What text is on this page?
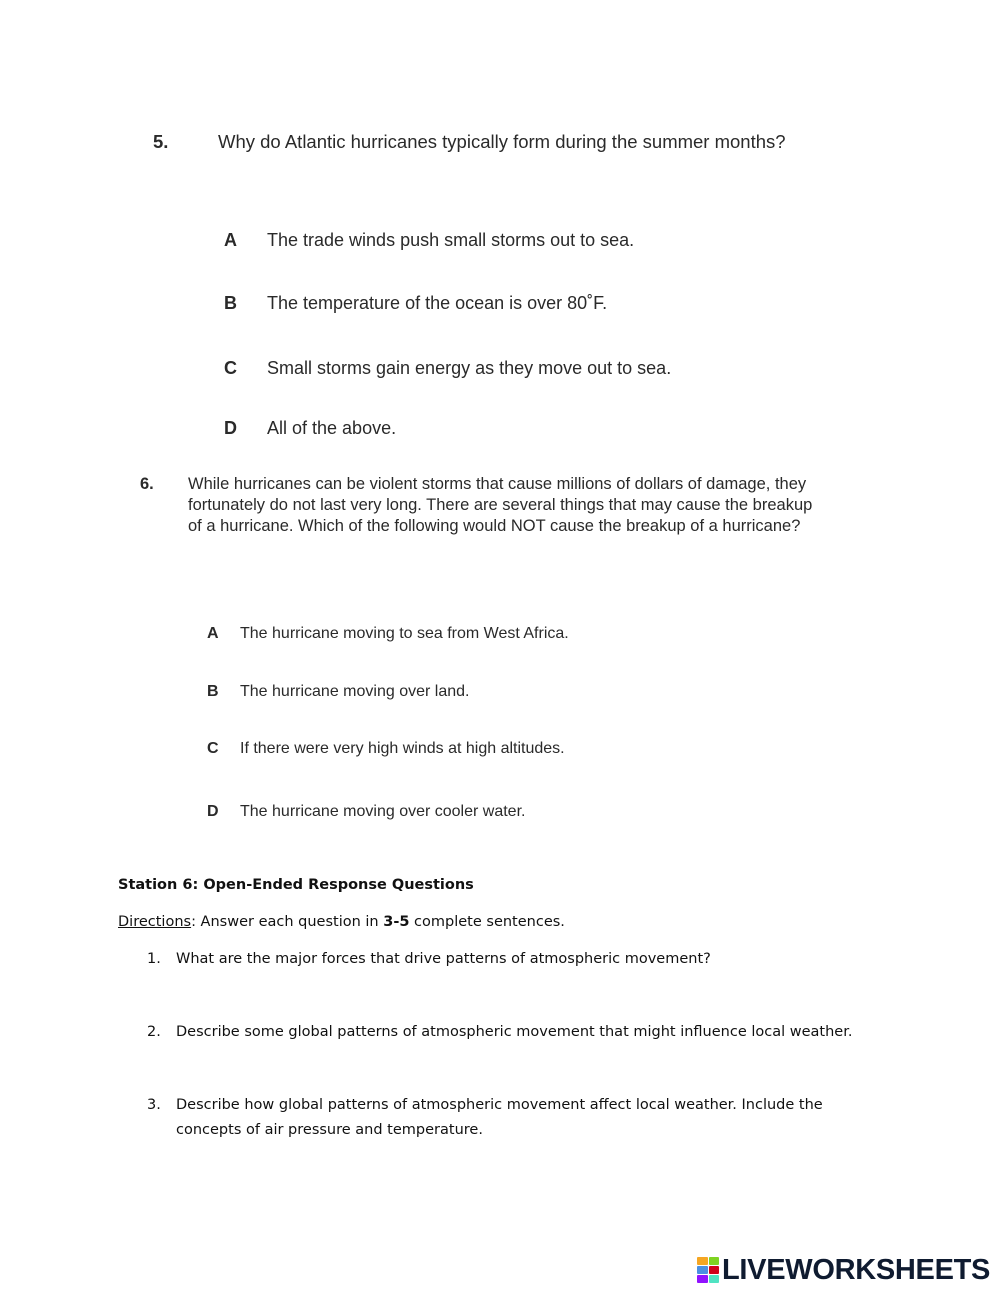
5.	Why do Atlantic hurricanes typically form during the summer months?
A The trade winds push small storms out to sea.
B The temperature of the ocean is over 80˚F.
C Small storms gain energy as they move out to sea.
D All of the above.
6. While hurricanes can be violent storms that cause millions of dollars of damage, they
fortunately do not last very long. There are several things that may cause the breakup
of a hurricane. Which of the following would NOT cause the breakup of a hurricane?
A The hurricane moving to sea from West Africa.
B The hurricane moving over land.
C If there were very high winds at high altitudes.
D The hurricane moving over cooler water.
Station 6: Open-Ended Response Questions
Directions: Answer each question in 3-5 complete sentences.
1. What are the major forces that drive patterns of atmospheric movement?
2. Describe some global patterns of atmospheric movement that might influence local weather.
3. Describe how global patterns of atmospheric movement affect local weather. Include the
concepts of air pressure and temperature.
LIVEWORKSHEETS
